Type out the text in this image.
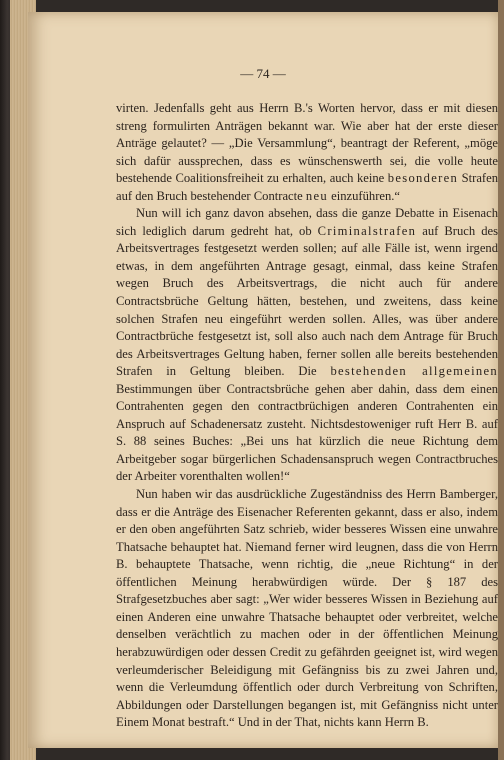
— 74 —

virten. Jedenfalls geht aus Herrn B.'s Worten hervor, dass er mit diesen streng formulirten Anträgen bekannt war. Wie aber hat der erste dieser Anträge gelautet? — „Die Versammlung“, beantragt der Referent, „möge sich dafür aussprechen, dass es wünschenswerth sei, die volle heute bestehende Coalitionsfreiheit zu erhalten, auch keine besonderen Strafen auf den Bruch bestehender Contracte neu einzuführen.“

Nun will ich ganz davon absehen, dass die ganze Debatte in Eisenach sich lediglich darum gedreht hat, ob Criminalstrafen auf Bruch des Arbeitsvertrages festgesetzt werden sollen; auf alle Fälle ist, wenn irgend etwas, in dem angeführten Antrage gesagt, einmal, dass keine Strafen wegen Bruch des Arbeitsvertrags, die nicht auch für andere Contractsbrüche Geltung hätten, bestehen, und zweitens, dass keine solchen Strafen neu eingeführt werden sollen. Alles, was über andere Contractbrüche festgesetzt ist, soll also auch nach dem Antrage für Bruch des Arbeitsvertrages Geltung haben, ferner sollen alle bereits bestehenden Strafen in Geltung bleiben. Die bestehenden allgemeinen Bestimmungen über Contractsbrüche gehen aber dahin, dass dem einen Contrahenten gegen den contractbrüchigen anderen Contrahenten ein Anspruch auf Schadenersatz zusteht. Nichtsdestoweniger ruft Herr B. auf S. 88 seines Buches: „Bei uns hat kürzlich die neue Richtung dem Arbeitgeber sogar bürgerlichen Schadensanspruch wegen Contractbruches der Arbeiter vorenthalten wollen!“

Nun haben wir das ausdrückliche Zugeständniss des Herrn Bamberger, dass er die Anträge des Eisenacher Referenten gekannt, dass er also, indem er den oben angeführten Satz schrieb, wider besseres Wissen eine unwahre Thatsache behauptet hat. Niemand ferner wird leugnen, dass die von Herrn B. behauptete Thatsache, wenn richtig, die „neue Richtung“ in der öffentlichen Meinung herabwürdigen würde. Der § 187 des Strafgesetzbuches aber sagt: „Wer wider besseres Wissen in Beziehung auf einen Anderen eine unwahre Thatsache behauptet oder verbreitet, welche denselben verächtlich zu machen oder in der öffentlichen Meinung herabzuwürdigen oder dessen Credit zu gefährden geeignet ist, wird wegen verleumderischer Beleidigung mit Gefängniss bis zu zwei Jahren und, wenn die Verleumdung öffentlich oder durch Verbreitung von Schriften, Abbildungen oder Darstellungen begangen ist, mit Gefängniss nicht unter Einem Monat bestraft.“ Und in der That, nichts kann Herrn B.
